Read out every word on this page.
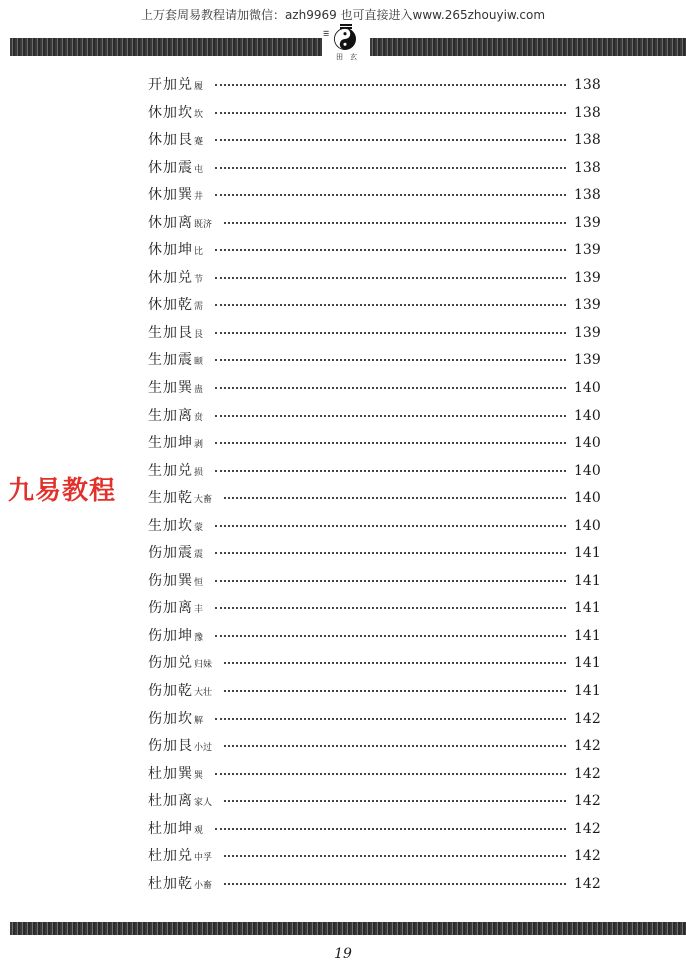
上万套周易教程请加微信：azh9969 也可直接进入www.265zhouyiw.com
☰
田 玄
开加兑 履	138
休加坎 坎	138
休加艮 蹇	138
休加震 屯	138
休加巽 井	138
休加离 既济	139
休加坤 比	139
休加兑 节	139
休加乾 需	139
生加艮 艮	139
生加震 颐	139
生加巽 蛊	140
生加离 贲	140
生加坤 剥	140
生加兑 损	140
生加乾 大畜	140
生加坎 蒙	140
伤加震 震	141
伤加巽 恒	141
伤加离 丰	141
伤加坤 豫	141
伤加兑 归妹	141
伤加乾 大壮	141
伤加坎 解	142
伤加艮 小过	142
杜加巽 巽	142
杜加离 家人	142
杜加坤 观	142
杜加兑 中孚	142
杜加乾 小畜	142
九易教程
19
